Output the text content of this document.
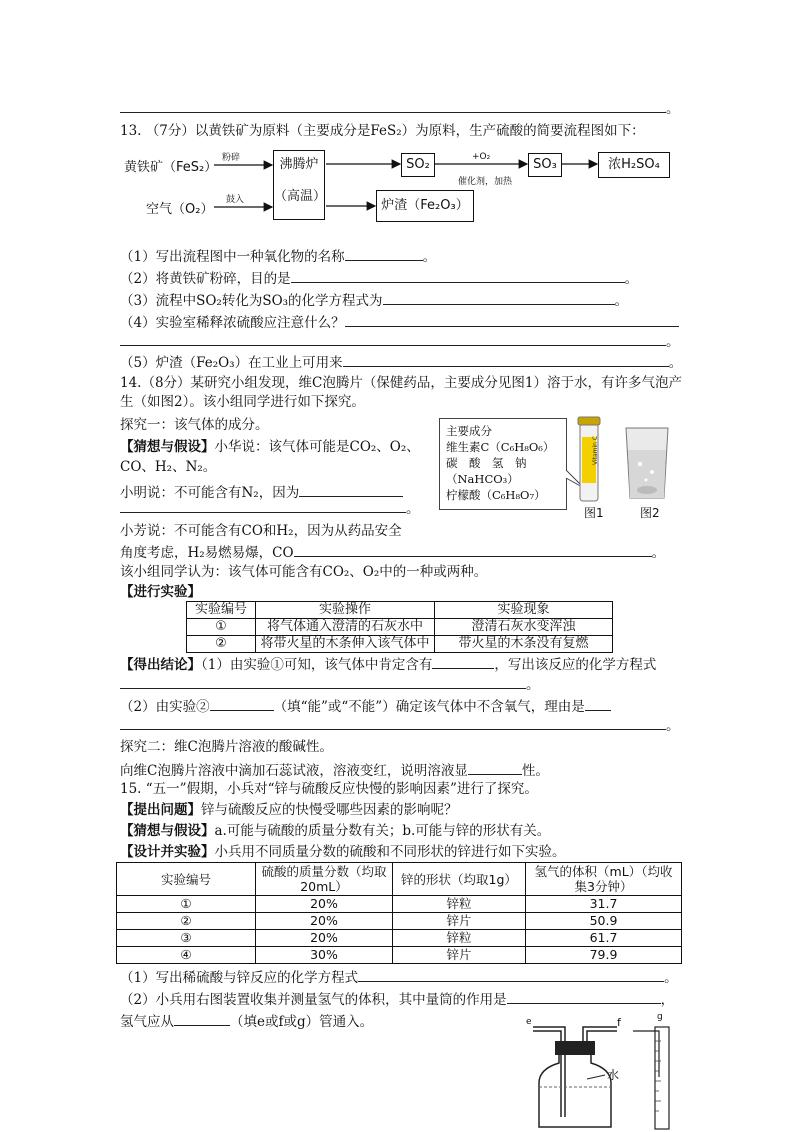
。
13. （7分）以黄铁矿为原料（主要成分是FeS₂）为原料，生产硫酸的简要流程图如下：
黄铁矿（FeS₂）
粉碎
空气（O₂）
鼓入
沸腾炉
（高温）
SO₂	+O₂
催化剂，加热
SO₃	浓H₂SO₄
炉渣（Fe₂O₃）
（1）写出流程图中一种氧化物的名称	。
（2）将黄铁矿粉碎，目的是	。
（3）流程中SO₂转化为SO₃的化学方程式为	。
（4）实验室稀释浓硫酸应注意什么？
。
（5）炉渣（Fe₂O₃）在工业上可用来	。
14.（8分）某研究小组发现，维C泡腾片（保健药品，主要成分见图1）溶于水，有许多气泡产
生（如图2）。该小组同学进行如下探究。
探究一：该气体的成分。
【猜想与假设】小华说：该气体可能是CO₂、O₂、
CO、H₂、N₂。
小明说：不可能含有N₂，因为
。
主要成分
维生素C（C₆H₈O₆）
碳　酸　氢　钠
（NaHCO₃）
柠檬酸（C₆H₈O₇）
Vitamin C
图1	图2
小芳说：不可能含有CO和H₂，因为从药品安全
角度考虑，H₂易燃易爆，CO	。
该小组同学认为：该气体可能含有CO₂、O₂中的一种或两种。
【进行实验】
实验编号	实验操作	实验现象
①	将气体通入澄清的石灰水中	澄清石灰水变浑浊
②	将带火星的木条伸入该气体中	带火星的木条没有复燃
【得出结论】（1）由实验①可知，该气体中肯定含有	，写出该反应的化学方程式
。
（2）由实验②	（填“能”或“不能”）确定该气体中不含氧气，理由是
。
探究二：维C泡腾片溶液的酸碱性。
向维C泡腾片溶液中滴加石蕊试液，溶液变红，说明溶液显	性。
15. “五一”假期，小兵对“锌与硫酸反应快慢的影响因素”进行了探究。
【提出问题】锌与硫酸反应的快慢受哪些因素的影响呢？
【猜想与假设】a.可能与硫酸的质量分数有关；b.可能与锌的形状有关。
【设计并实验】小兵用不同质量分数的硫酸和不同形状的锌进行如下实验。
实验编号	硫酸的质量分数（均取20mL）	锌的形状（均取1g）	氢气的体积（mL）（均收集3分钟）
①	20%	锌粒	31.7
②	20%	锌片	50.9
③	20%	锌粒	61.7
④	30%	锌片	79.9
（1）写出稀硫酸与锌反应的化学方程式	。
（2）小兵用右图装置收集并测量氢气的体积，其中量筒的作用是	，
氢气应从	（填e或f或g）管通入。	e	f	g
水
